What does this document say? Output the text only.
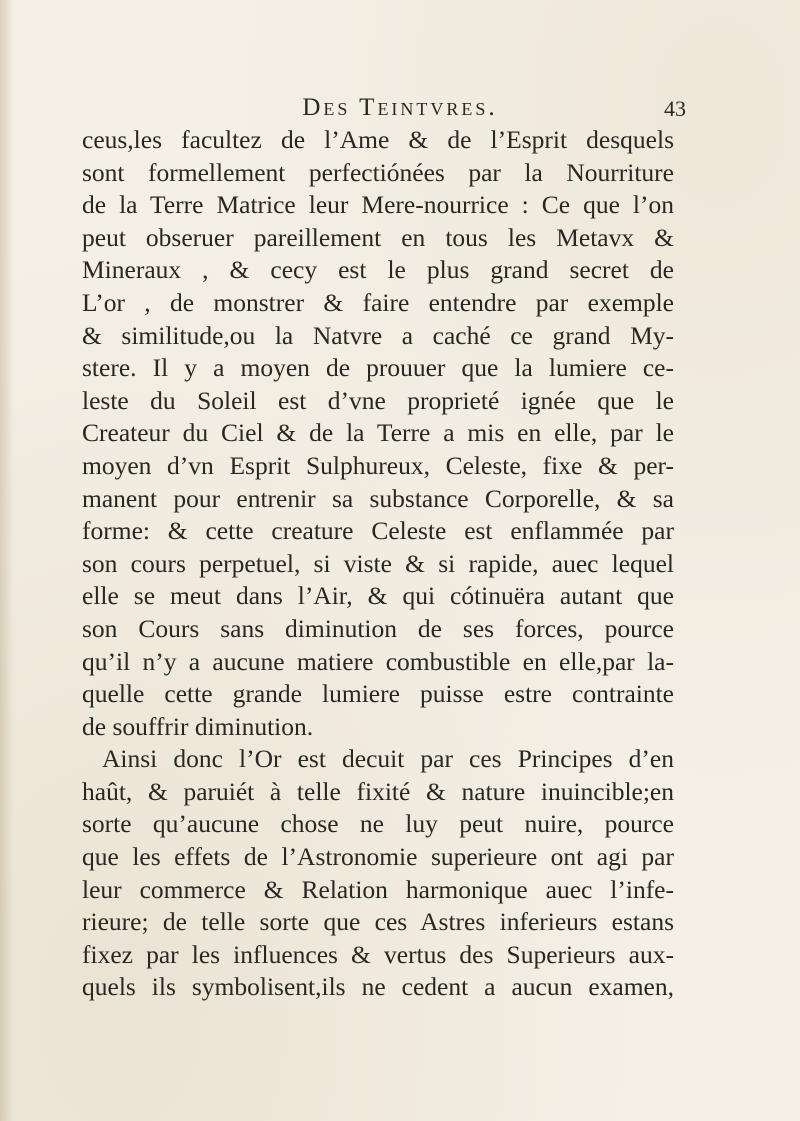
Des Teintvres.	43
ceus,les facultez de l’Ame & de l’Esprit desquels
sont formellement perfectiónées par la Nourriture
de la Terre Matrice leur Mere-nourrice : Ce que l’on
peut obseruer pareillement en tous les Metavx &
Mineraux , & cecy est le plus grand secret de
L’or , de monstrer & faire entendre par exemple
& similitude,ou la Natvre a caché ce grand My-
stere. Il y a moyen de prouuer que la lumiere ce-
leste du Soleil est d’vne proprieté ignée que le
Createur du Ciel & de la Terre a mis en elle, par le
moyen d’vn Esprit Sulphureux, Celeste, fixe & per-
manent pour entrenir sa substance Corporelle, & sa
forme: & cette creature Celeste est enflammée par
son cours perpetuel, si viste & si rapide, auec lequel
elle se meut dans l’Air, & qui cótinuëra autant que
son Cours sans diminution de ses forces, pource
qu’il n’y a aucune matiere combustible en elle,par la-
quelle cette grande lumiere puisse estre contrainte
de souffrir diminution.
Ainsi donc l’Or est decuit par ces Principes d’en
haût, & paruiét à telle fixité & nature inuincible;en
sorte qu’aucune chose ne luy peut nuire, pource
que les effets de l’Astronomie superieure ont agi par
leur commerce & Relation harmonique auec l’infe-
rieure; de telle sorte que ces Astres inferieurs estans
fixez par les influences & vertus des Superieurs aux-
quels ils symbolisent,ils ne cedent a aucun examen,
